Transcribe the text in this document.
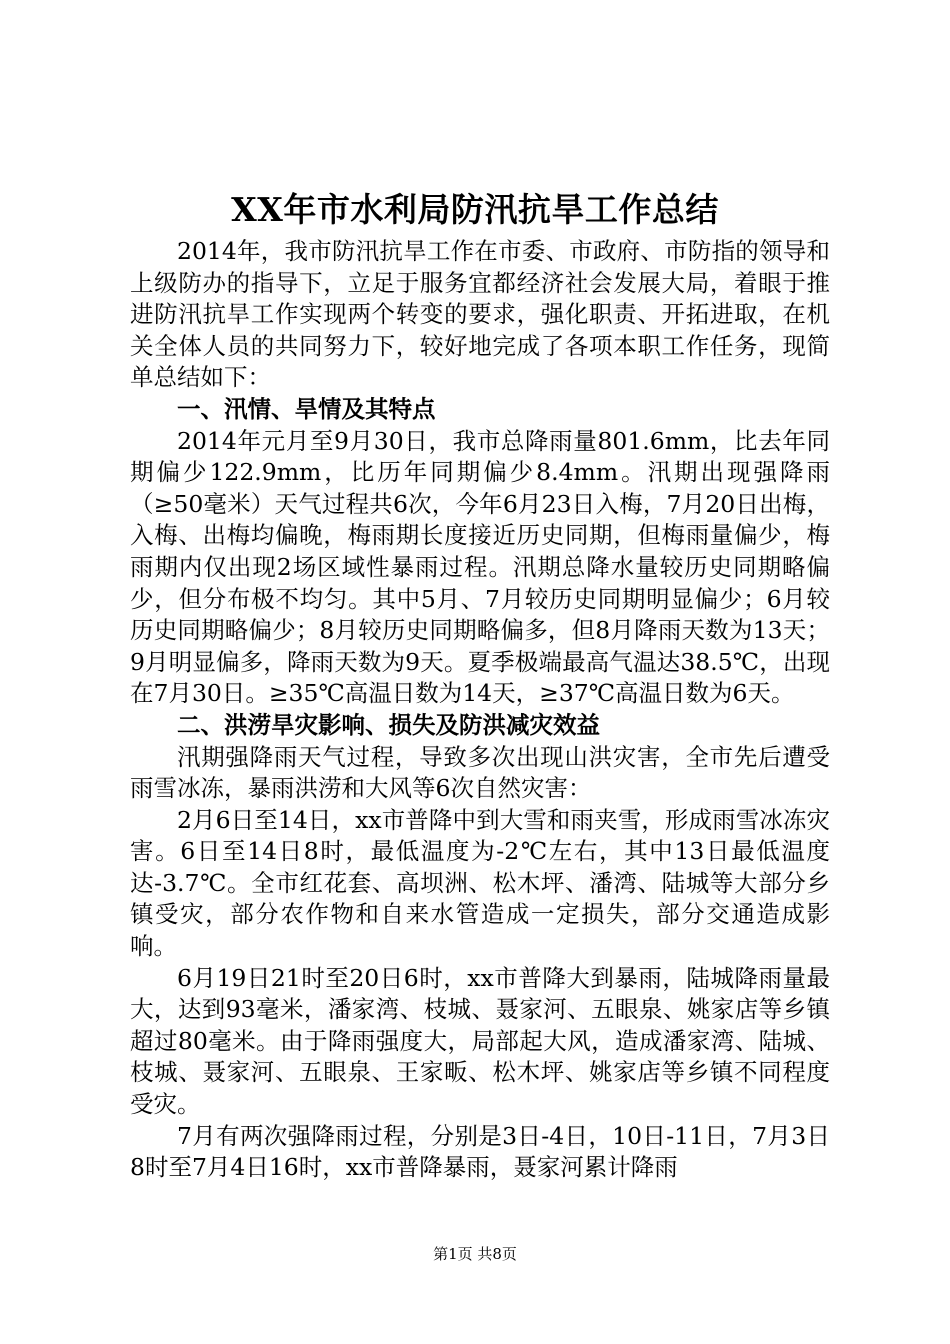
XX年市水利局防汛抗旱工作总结

2014年，我市防汛抗旱工作在市委、市政府、市防指的领导和上级防办的指导下，立足于服务宜都经济社会发展大局，着眼于推进防汛抗旱工作实现两个转变的要求，强化职责、开拓进取，在机关全体人员的共同努力下，较好地完成了各项本职工作任务，现简单总结如下：

一、汛情、旱情及其特点

2014年元月至9月30日，我市总降雨量801.6mm，比去年同期偏少122.9mm，比历年同期偏少8.4mm。汛期出现强降雨（≥50毫米）天气过程共6次，今年6月23日入梅，7月20日出梅，入梅、出梅均偏晚，梅雨期长度接近历史同期，但梅雨量偏少，梅雨期内仅出现2场区域性暴雨过程。汛期总降水量较历史同期略偏少，但分布极不均匀。其中5月、7月较历史同期明显偏少；6月较历史同期略偏少；8月较历史同期略偏多，但8月降雨天数为13天；9月明显偏多，降雨天数为9天。夏季极端最高气温达38.5℃，出现在7月30日。≥35℃高温日数为14天，≥37℃高温日数为6天。

二、洪涝旱灾影响、损失及防洪减灾效益

汛期强降雨天气过程，导致多次出现山洪灾害，全市先后遭受雨雪冰冻，暴雨洪涝和大风等6次自然灾害：

2月6日至14日，xx市普降中到大雪和雨夹雪，形成雨雪冰冻灾害。6日至14日8时，最低温度为-2℃左右，其中13日最低温度达-3.7℃。全市红花套、高坝洲、松木坪、潘湾、陆城等大部分乡镇受灾，部分农作物和自来水管造成一定损失，部分交通造成影响。

6月19日21时至20日6时，xx市普降大到暴雨，陆城降雨量最大，达到93毫米，潘家湾、枝城、聂家河、五眼泉、姚家店等乡镇超过80毫米。由于降雨强度大，局部起大风，造成潘家湾、陆城、枝城、聂家河、五眼泉、王家畈、松木坪、姚家店等乡镇不同程度受灾。

7月有两次强降雨过程，分别是3日-4日，10日-11日，7月3日8时至7月4日16时，xx市普降暴雨，聂家河累计降雨

第1页 共8页
